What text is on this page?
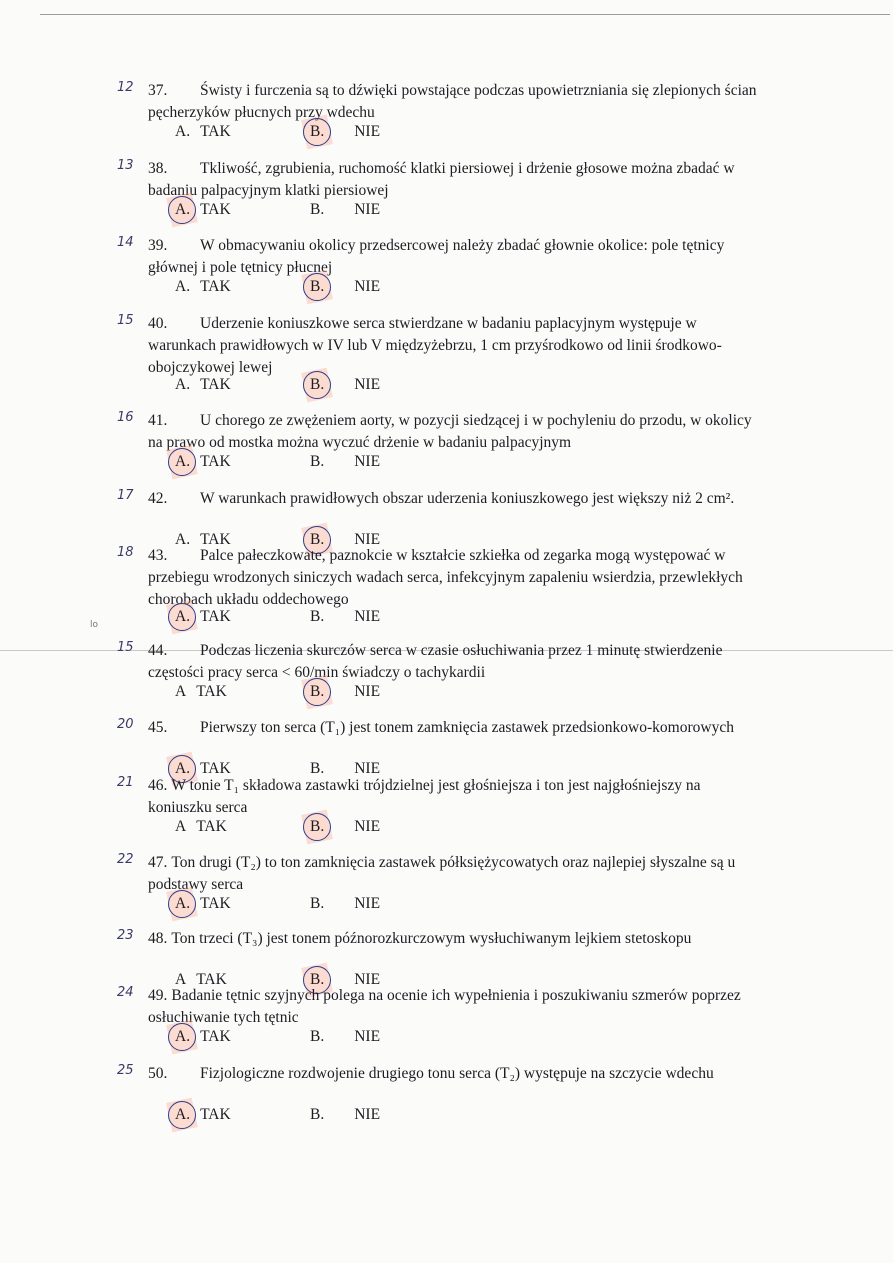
lo
12 37. Świsty i furczenia są to dźwięki powstające podczas upowietrzniania się zlepionych ścian
pęcherzyków płucnych przy wdechu
A. TAK	B. NIE
13 38. Tkliwość, zgrubienia, ruchomość klatki piersiowej i drżenie głosowe można zbadać w
badaniu palpacyjnym klatki piersiowej
A. TAK	B. NIE
14 39. W obmacywaniu okolicy przedsercowej należy zbadać głownie okolice: pole tętnicy
głównej i pole tętnicy płucnej
A. TAK	B. NIE
15 40. Uderzenie koniuszkowe serca stwierdzane w badaniu paplacyjnym występuje w
warunkach prawidłowych w IV lub V międzyżebrzu, 1 cm przyśrodkowo od linii środkowo-
obojczykowej lewej
A. TAK	B. NIE
16 41. U chorego ze zwężeniem aorty, w pozycji siedzącej i w pochyleniu do przodu, w okolicy
na prawo od mostka można wyczuć drżenie w badaniu palpacyjnym
A. TAK	B. NIE
17 42. W warunkach prawidłowych obszar uderzenia koniuszkowego jest większy niż 2 cm².
A. TAK	B. NIE
18 43. Palce pałeczkowate, paznokcie w kształcie szkiełka od zegarka mogą występować w
przebiegu wrodzonych siniczych wadach serca, infekcyjnym zapaleniu wsierdzia, przewlekłych
chorobach układu oddechowego
A. TAK	B. NIE
15 44. Podczas liczenia skurczów serca w czasie osłuchiwania przez 1 minutę stwierdzenie
częstości pracy serca < 60/min świadczy o tachykardii
A TAK	B. NIE
20 45. Pierwszy ton serca (T₁) jest tonem zamknięcia zastawek przedsionkowo-komorowych
A. TAK	B. NIE
21 46. W tonie T₁ składowa zastawki trójdzielnej jest głośniejsza i ton jest najgłośniejszy na
koniuszku serca
A TAK	B. NIE
22 47. Ton drugi (T₂) to ton zamknięcia zastawek półksiężycowatych oraz najlepiej słyszalne są u
podstawy serca
A. TAK	B. NIE
23 48. Ton trzeci (T₃) jest tonem późnorozkurczowym wysłuchiwanym lejkiem stetoskopu
A TAK	B. NIE
24 49. Badanie tętnic szyjnych polega na ocenie ich wypełnienia i poszukiwaniu szmerów poprzez
osłuchiwanie tych tętnic
A. TAK	B. NIE
25 50. Fizjologiczne rozdwojenie drugiego tonu serca (T₂) występuje na szczycie wdechu
A. TAK	B. NIE
